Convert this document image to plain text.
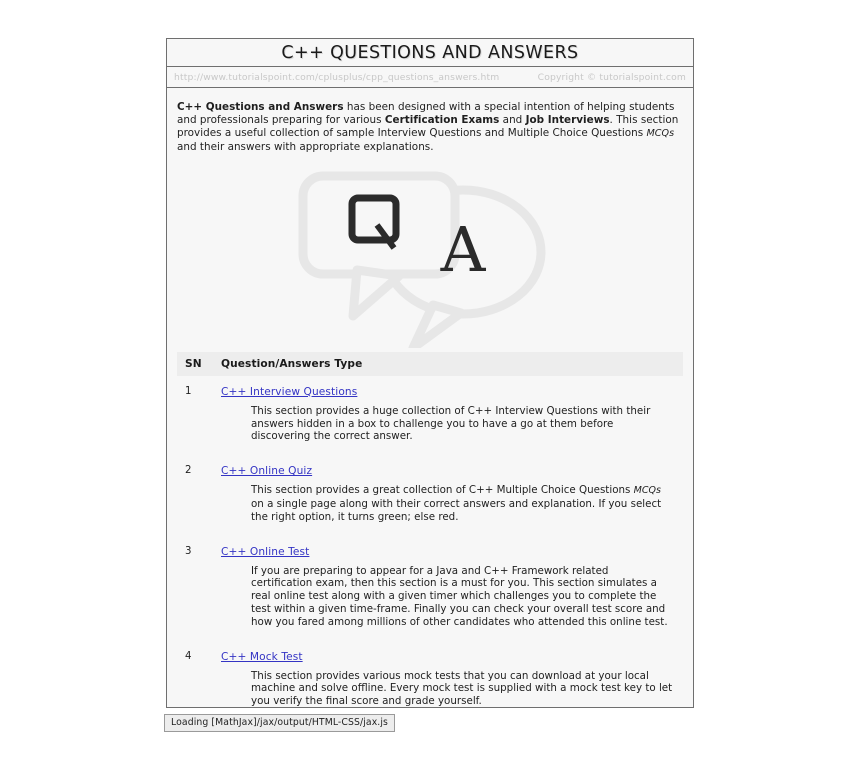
C++ QUESTIONS AND ANSWERS
http://www.tutorialspoint.com/cplusplus/cpp_questions_answers.htm	Copyright © tutorialspoint.com

C++ Questions and Answers has been designed with a special intention of helping students and professionals preparing for various Certification Exams and Job Interviews. This section provides a useful collection of sample Interview Questions and Multiple Choice Questions MCQs and their answers with appropriate explanations.

A
SN	Question/Answers Type
1	C++ Interview Questions
	This section provides a huge collection of C++ Interview Questions with their answers hidden in a box to challenge you to have a go at them before discovering the correct answer.

2	C++ Online Quiz
	This section provides a great collection of C++ Multiple Choice Questions MCQs on a single page along with their correct answers and explanation. If you select the right option, it turns green; else red.

3	C++ Online Test
	If you are preparing to appear for a Java and C++ Framework related certification exam, then this section is a must for you. This section simulates a real online test along with a given timer which challenges you to complete the test within a given time-frame. Finally you can check your overall test score and how you fared among millions of other candidates who attended this online test.

4	C++ Mock Test
	This section provides various mock tests that you can download at your local machine and solve offline. Every mock test is supplied with a mock test key to let you verify the final score and grade yourself.
Loading [MathJax]/jax/output/HTML-CSS/jax.js
